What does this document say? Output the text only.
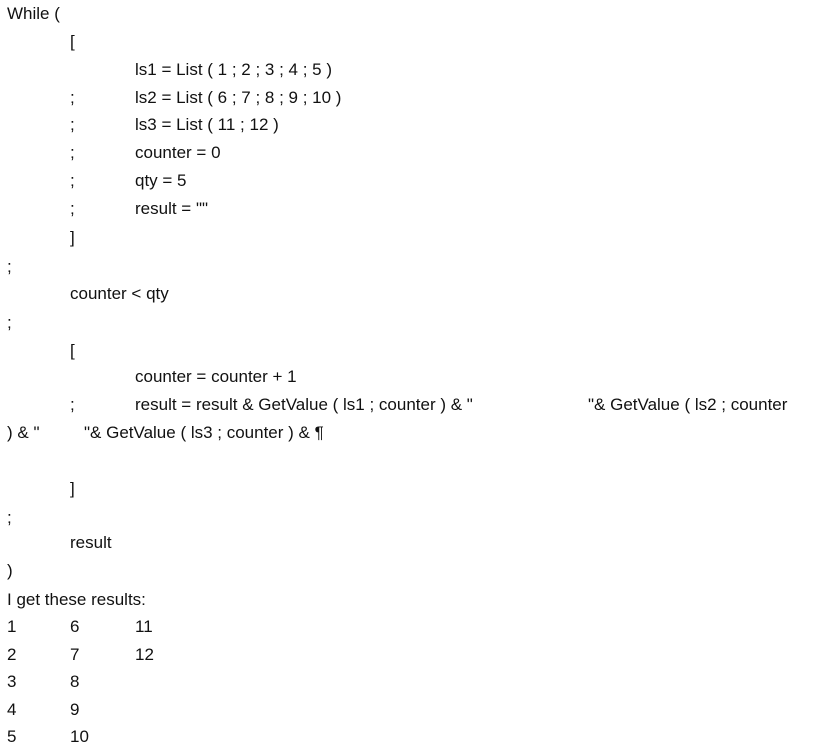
While (
[
ls1 = List ( 1 ; 2 ; 3 ; 4 ; 5 )
;	ls2 = List ( 6 ; 7 ; 8 ; 9 ; 10 )
;	ls3 = List ( 11 ; 12 )
;	counter = 0
;	qty = 5
;	result = ""
]
;
counter < qty
;
[
counter = counter + 1
;	result = result & GetValue ( ls1 ; counter ) & "	"& GetValue ( ls2 ; counter
) & "	"& GetValue ( ls3 ; counter ) & ¶
]
;
result
)
I get these results:
1	6	11
2	7	12
3	8
4	9
5	10
